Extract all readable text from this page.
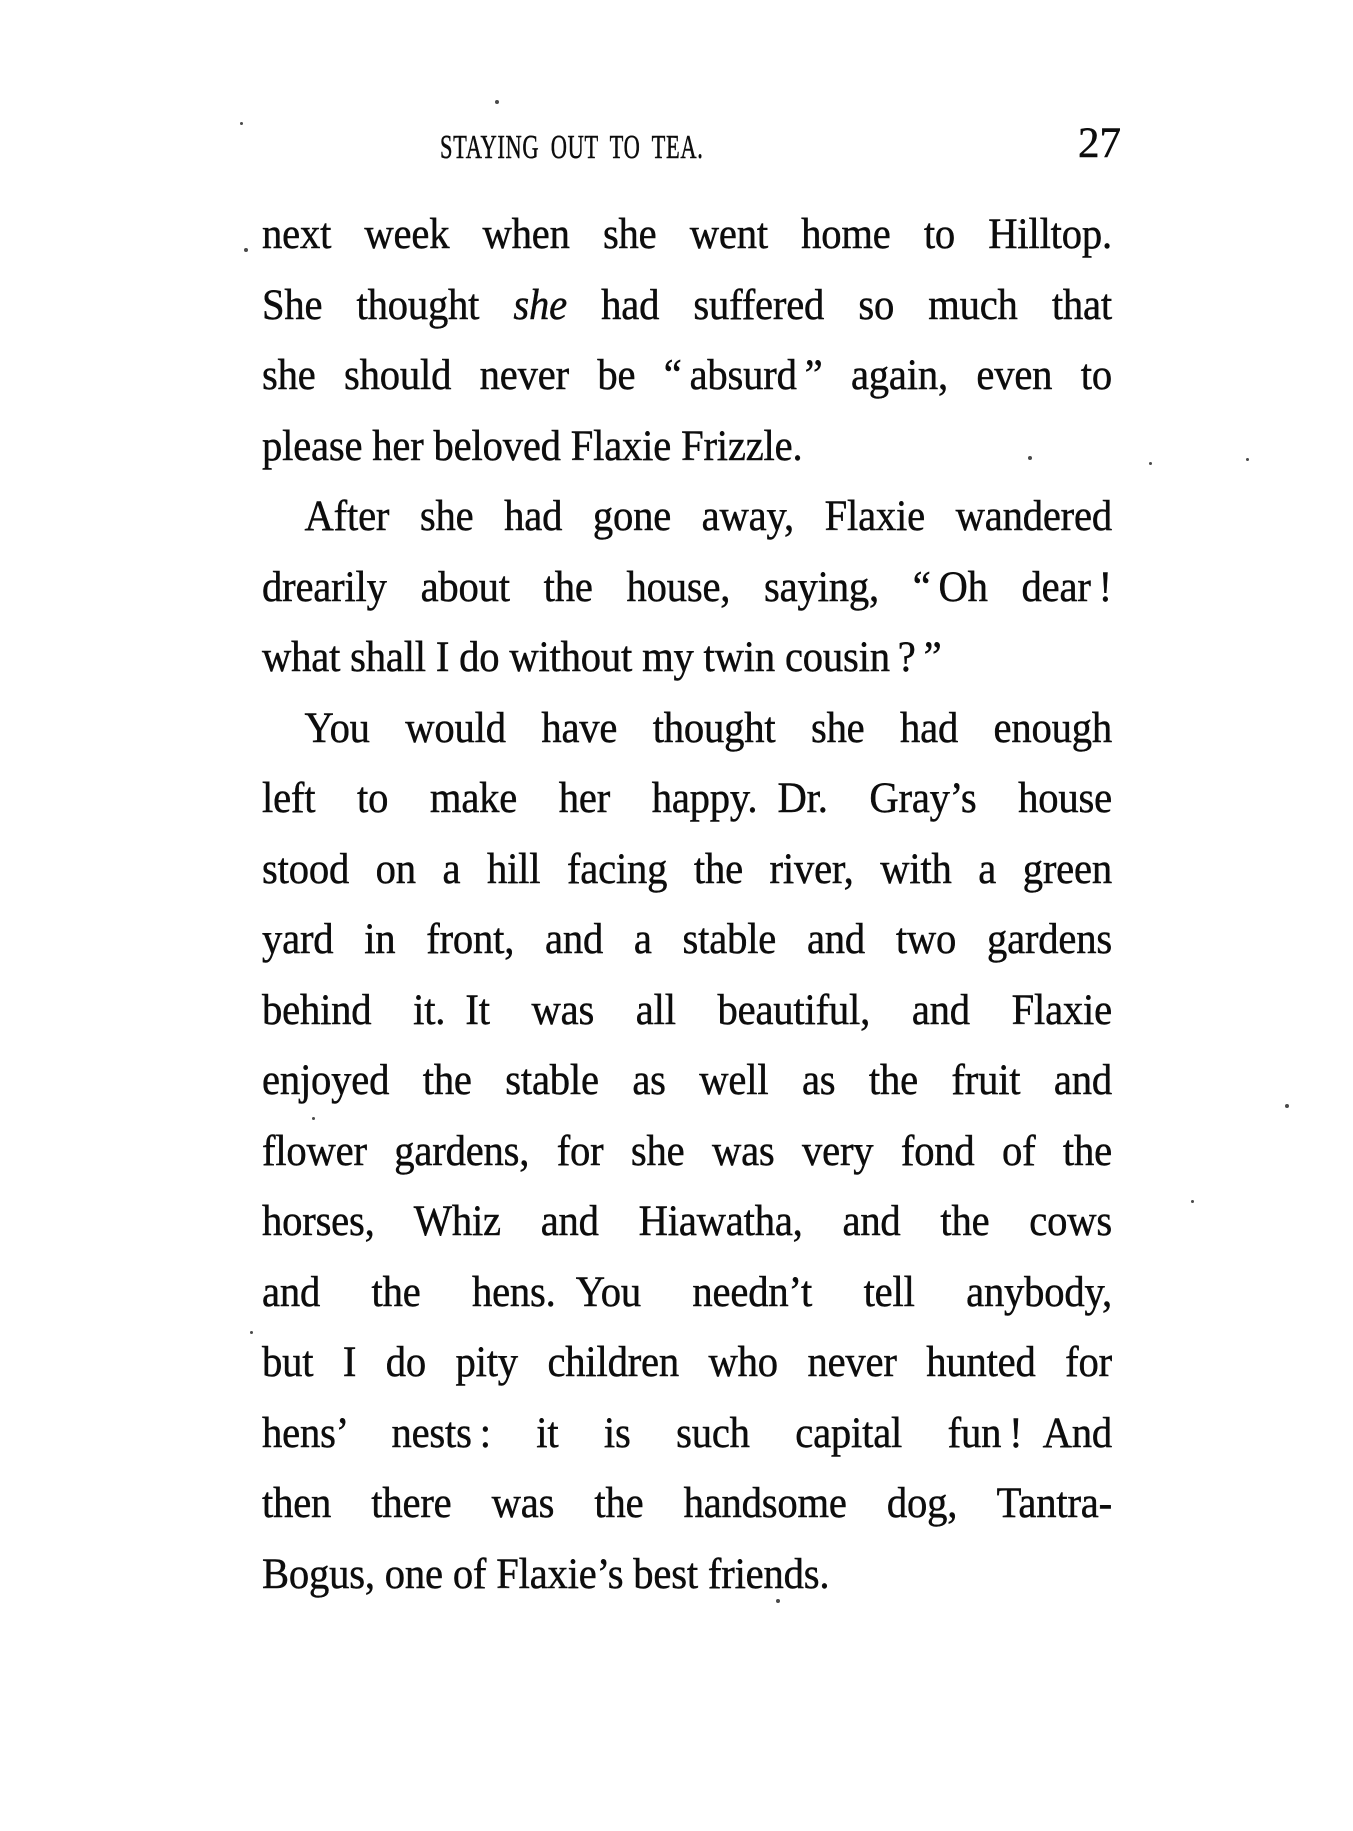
STAYING OUT TO TEA.	27
next week when she went home to Hilltop.
She thought she had suffered so much that
she should never be “ absurd ” again, even to
please her beloved Flaxie Frizzle.
After she had gone away, Flaxie wandered
drearily about the house, saying, “ Oh dear !
what shall I do without my twin cousin ? ”
You would have thought she had enough
left to make her happy. Dr. Gray’s house
stood on a hill facing the river, with a green
yard in front, and a stable and two gardens
behind it. It was all beautiful, and Flaxie
enjoyed the stable as well as the fruit and
flower gardens, for she was very fond of the
horses, Whiz and Hiawatha, and the cows
and the hens. You needn’t tell anybody,
but I do pity children who never hunted for
hens’ nests : it is such capital fun ! And
then there was the handsome dog, Tantra-
Bogus, one of Flaxie’s best friends.
